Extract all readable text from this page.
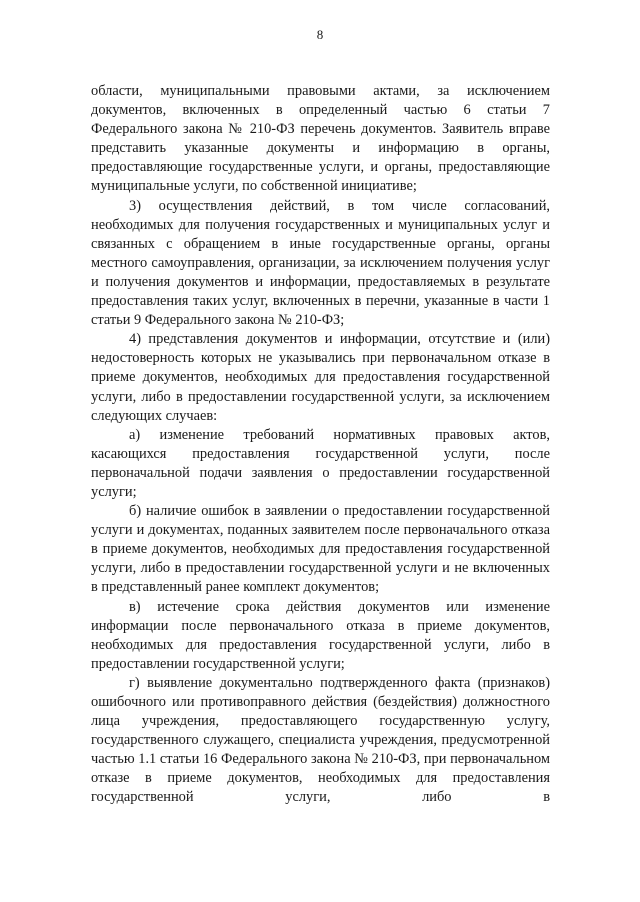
8

области, муниципальными правовыми актами, за исключением документов, включенных в определенный частью 6 статьи 7 Федерального закона № 210-ФЗ перечень документов. Заявитель вправе представить указанные документы и информацию в органы, предоставляющие государственные услуги, и органы, предоставляющие муниципальные услуги, по собственной инициативе;

3) осуществления действий, в том числе согласований, необходимых для получения государственных и муниципальных услуг и связанных с обращением в иные государственные органы, органы местного самоуправления, организации, за исключением получения услуг и получения документов и информации, предоставляемых в результате предоставления таких услуг, включенных в перечни, указанные в части 1 статьи 9 Федерального закона № 210-ФЗ;

4) представления документов и информации, отсутствие и (или) недостоверность которых не указывались при первоначальном отказе в приеме документов, необходимых для предоставления государственной услуги, либо в предоставлении государственной услуги, за исключением следующих случаев:

а) изменение требований нормативных правовых актов, касающихся предоставления государственной услуги, после первоначальной подачи заявления о предоставлении государственной услуги;

б) наличие ошибок в заявлении о предоставлении государственной услуги и документах, поданных заявителем после первоначального отказа в приеме документов, необходимых для предоставления государственной услуги, либо в предоставлении государственной услуги и не включенных в представленный ранее комплект документов;

в) истечение срока действия документов или изменение информации после первоначального отказа в приеме документов, необходимых для предоставления государственной услуги, либо в предоставлении государственной услуги;

г) выявление документально подтвержденного факта (признаков) ошибочного или противоправного действия (бездействия) должностного лица учреждения, предоставляющего государственную услугу, государственного служащего, специалиста учреждения, предусмотренной частью 1.1 статьи 16 Федерального закона № 210-ФЗ, при первоначальном отказе в приеме документов, необходимых для предоставления государственной услуги, либо в
